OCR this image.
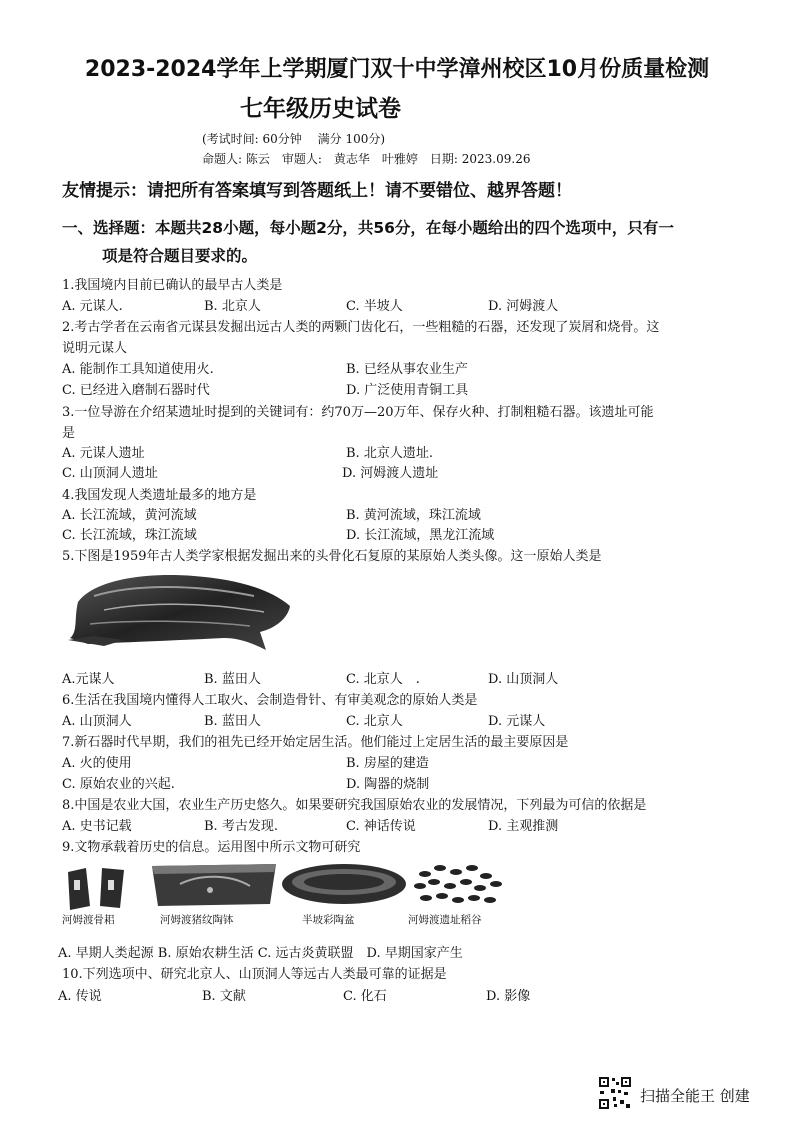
2023-2024学年上学期厦门双十中学漳州校区10月份质量检测
七年级历史试卷
(考试时间: 60分钟　 满分 100分)
命题人: 陈云　审题人:　黄志华　叶雅婷　日期: 2023.09.26
友情提示：请把所有答案填写到答题纸上！请不要错位、越界答题！
一、选择题：本题共28小题，每小题2分，共56分，在每小题给出的四个选项中，只有一
项是符合题目要求的。
1.我国境内目前已确认的最早古人类是
A. 元谋人.	B. 北京人	C. 半坡人	D. 河姆渡人
2.考古学者在云南省元谋县发掘出远古人类的两颗门齿化石，一些粗糙的石器，还发现了炭屑和烧骨。这
说明元谋人
A. 能制作工具知道使用火.	B. 已经从事农业生产
C. 已经进入磨制石器时代	D. 广泛使用青铜工具
3.一位导游在介绍某遗址时提到的关键词有：约70万—20万年、保存火种、打制粗糙石器。该遗址可能
是
A. 元谋人遗址	B. 北京人遗址.
C. 山顶洞人遗址	D. 河姆渡人遗址
4.我国发现人类遗址最多的地方是
A. 长江流域，黄河流域	B. 黄河流域，珠江流域
C. 长江流域，珠江流域	D. 长江流域，黑龙江流域
5.下图是1959年古人类学家根据发掘出来的头骨化石复原的某原始人类头像。这一原始人类是
A.元谋人	B. 蓝田人	C. 北京人　.	D. 山顶洞人
6.生活在我国境内懂得人工取火、会制造骨针、有审美观念的原始人类是
A. 山顶洞人	B. 蓝田人	C. 北京人	D. 元谋人
7.新石器时代早期，我们的祖先已经开始定居生活。他们能过上定居生活的最主要原因是
A. 火的使用	B. 房屋的建造
C. 原始农业的兴起.	D. 陶器的烧制
8.中国是农业大国，农业生产历史悠久。如果要研究我国原始农业的发展情况，下列最为可信的依据是
A. 史书记载	B. 考古发现.	C. 神话传说	D. 主观推测
9.文物承载着历史的信息。运用图中所示文物可研究
河姆渡骨耜	河姆渡猪纹陶钵	半坡彩陶盆	河姆渡遗址稻谷
A. 早期人类起源 B. 原始农耕生活 C. 远古炎黄联盟　D. 早期国家产生
10.下列选项中、研究北京人、山顶洞人等远古人类最可靠的证据是
A. 传说	B. 文献	C. 化石	D. 影像
扫描全能王 创建
